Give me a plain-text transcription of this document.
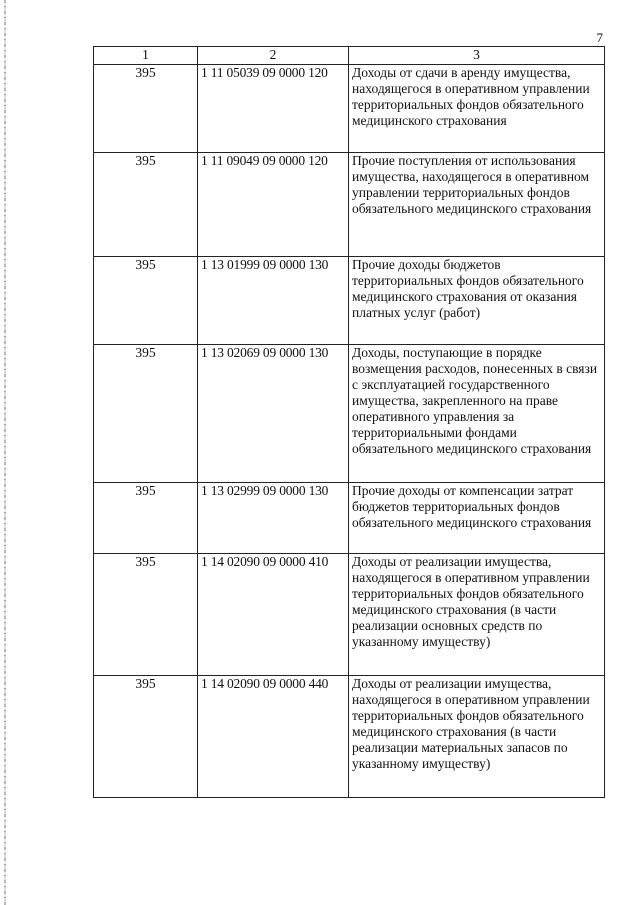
7
1	2	3
395	1 11 05039 09 0000 120	Доходы от сдачи в аренду имущества, находящегося в оперативном управлении территориальных фондов обязательного медицинского страхования
395	1 11 09049 09 0000 120	Прочие поступления от использования имущества, находящегося в оперативном управлении территориальных фондов обязательного медицинского страхования
395	1 13 01999 09 0000 130	Прочие доходы бюджетов территориальных фондов обязательного медицинского страхования от оказания платных услуг (работ)
395	1 13 02069 09 0000 130	Доходы, поступающие в порядке возмещения расходов, понесенных в связи с эксплуатацией государственного имущества, закрепленного на праве оперативного управления за территориальными фондами обязательного медицинского страхования
395	1 13 02999 09 0000 130	Прочие доходы от компенсации затрат бюджетов территориальных фондов обязательного медицинского страхования
395	1 14 02090 09 0000 410	Доходы от реализации имущества, находящегося в оперативном управлении территориальных фондов обязательного медицинского страхования (в части реализации основных средств по указанному имуществу)
395	1 14 02090 09 0000 440	Доходы от реализации имущества, находящегося в оперативном управлении территориальных фондов обязательного медицинского страхования (в части реализации материальных запасов по указанному имуществу)
